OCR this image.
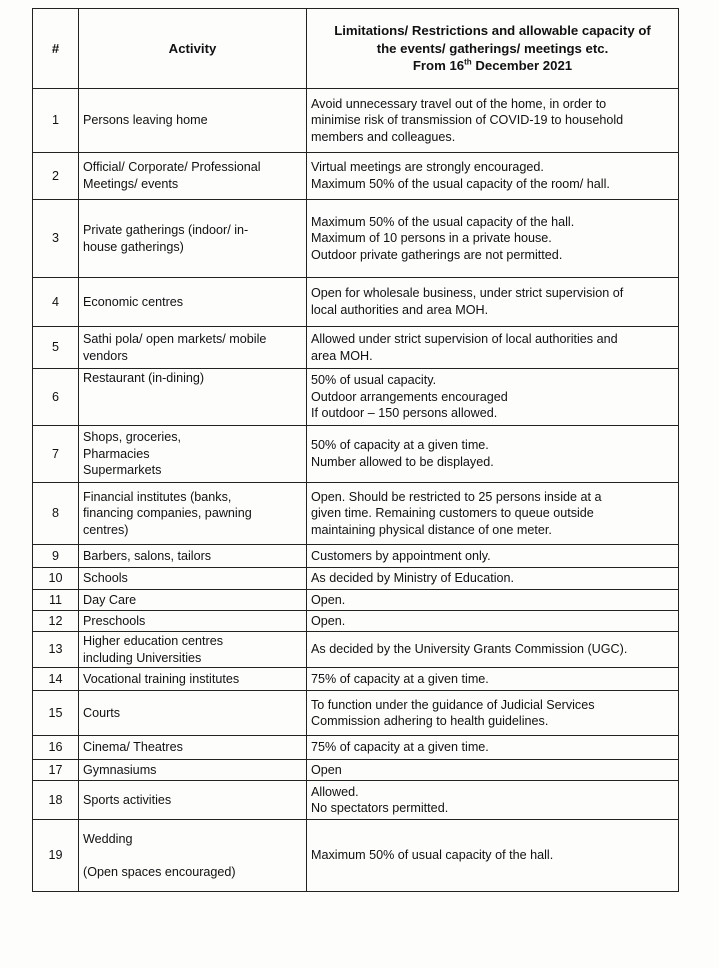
#	Activity	Limitations/ Restrictions and allowable capacity of
the events/ gatherings/ meetings etc.
From 16th December 2021

1	Persons leaving home	Avoid unnecessary travel out of the home, in order to
minimise risk of transmission of COVID-19 to household
members and colleagues.
2	Official/ Corporate/ Professional
Meetings/ events	Virtual meetings are strongly encouraged.
Maximum 50% of the usual capacity of the room/ hall.
3	Private gatherings (indoor/ in-
house gatherings)	Maximum 50% of the usual capacity of the hall.
Maximum of 10 persons in a private house.
Outdoor private gatherings are not permitted.
4	Economic centres	Open for wholesale business, under strict supervision of
local authorities and area MOH.
5	Sathi pola/ open markets/ mobile
vendors	Allowed under strict supervision of local authorities and
area MOH.
6	Restaurant (in-dining)	50% of usual capacity.
Outdoor arrangements encouraged
If outdoor – 150 persons allowed.
7	Shops, groceries,
Pharmacies
Supermarkets	50% of capacity at a given time.
Number allowed to be displayed.
8	Financial institutes (banks,
financing companies, pawning
centres)	Open. Should be restricted to 25 persons inside at a
given time. Remaining customers to queue outside
maintaining physical distance of one meter.
9	Barbers, salons, tailors	Customers by appointment only.
10	Schools	As decided by Ministry of Education.
11	Day Care	Open.
12	Preschools	Open.
13	Higher education centres
including Universities	As decided by the University Grants Commission (UGC).
14	Vocational training institutes	75% of capacity at a given time.
15	Courts	To function under the guidance of Judicial Services
Commission adhering to health guidelines.
16	Cinema/ Theatres	75% of capacity at a given time.
17	Gymnasiums	Open
18	Sports activities	Allowed.
No spectators permitted.
19	Wedding

(Open spaces encouraged)	Maximum 50% of usual capacity of the hall.
